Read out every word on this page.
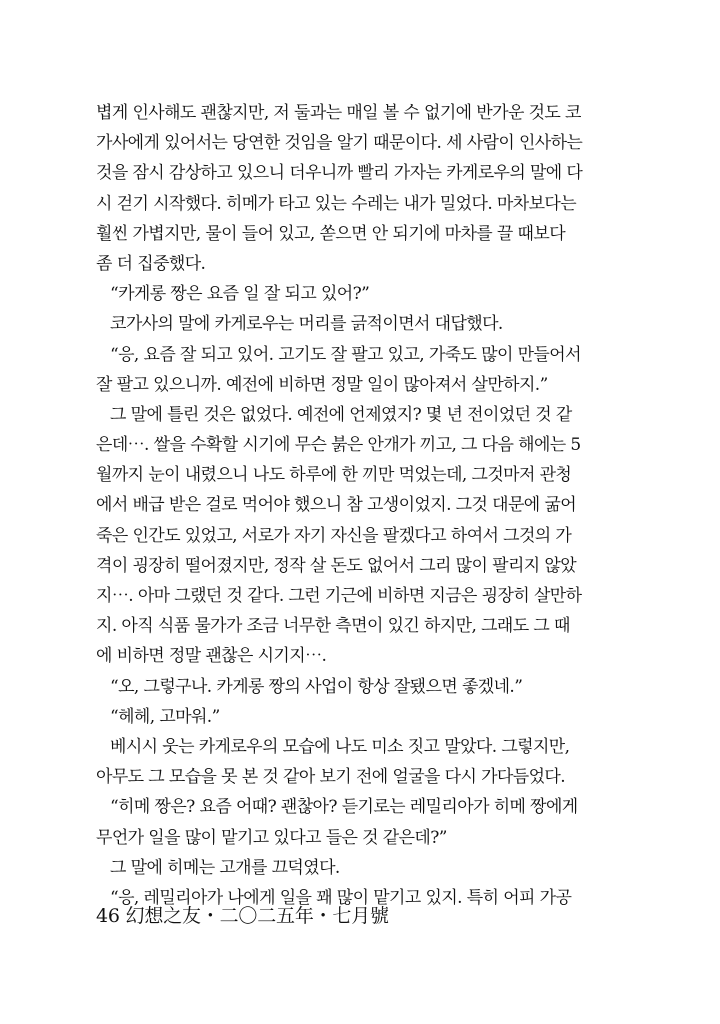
볍게 인사해도 괜찮지만, 저 둘과는 매일 볼 수 없기에 반가운 것도 코
가사에게 있어서는 당연한 것임을 알기 때문이다. 세 사람이 인사하는
것을 잠시 감상하고 있으니 더우니까 빨리 가자는 카게로우의 말에 다
시 걷기 시작했다. 히메가 타고 있는 수레는 내가 밀었다. 마차보다는
훨씬 가볍지만, 물이 들어 있고, 쏟으면 안 되기에 마차를 끌 때보다
좀 더 집중했다.
“카게롱 짱은 요즘 일 잘 되고 있어?”
코가사의 말에 카게로우는 머리를 긁적이면서 대답했다.
“응, 요즘 잘 되고 있어. 고기도 잘 팔고 있고, 가죽도 많이 만들어서
잘 팔고 있으니까. 예전에 비하면 정말 일이 많아져서 살만하지.”
그 말에 틀린 것은 없었다. 예전에 언제였지? 몇 년 전이었던 것 같
은데⋯. 쌀을 수확할 시기에 무슨 붉은 안개가 끼고, 그 다음 해에는 5
월까지 눈이 내렸으니 나도 하루에 한 끼만 먹었는데, 그것마저 관청
에서 배급 받은 걸로 먹어야 했으니 참 고생이었지. 그것 대문에 굶어
죽은 인간도 있었고, 서로가 자기 자신을 팔겠다고 하여서 그것의 가
격이 굉장히 떨어졌지만, 정작 살 돈도 없어서 그리 많이 팔리지 않았
지⋯. 아마 그랬던 것 같다. 그런 기근에 비하면 지금은 굉장히 살만하
지. 아직 식품 물가가 조금 너무한 측면이 있긴 하지만, 그래도 그 때
에 비하면 정말 괜찮은 시기지⋯.
“오, 그렇구나. 카게롱 짱의 사업이 항상 잘됐으면 좋겠네.”
“헤헤, 고마워.”
베시시 웃는 카게로우의 모습에 나도 미소 짓고 말았다. 그렇지만,
아무도 그 모습을 못 본 것 같아 보기 전에 얼굴을 다시 가다듬었다.
“히메 짱은? 요즘 어때? 괜찮아? 듣기로는 레밀리아가 히메 짱에게
무언가 일을 많이 맡기고 있다고 들은 것 같은데?”
그 말에 히메는 고개를 끄덕였다.
“응, 레밀리아가 나에게 일을 꽤 많이 맡기고 있지. 특히 어피 가공
46 幻想之友・二〇二五年・七月號
